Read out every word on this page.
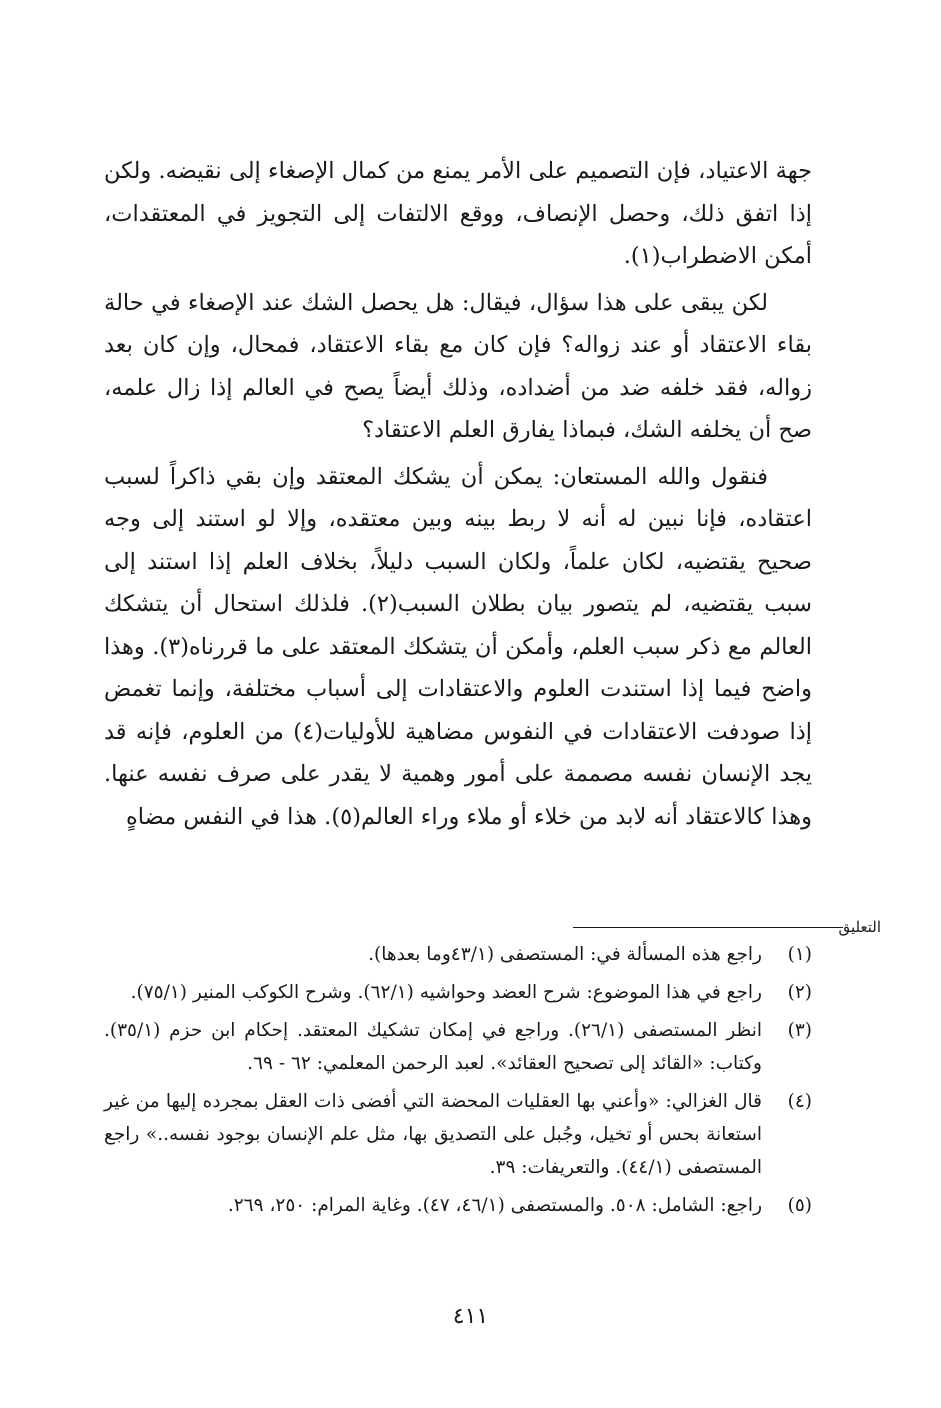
جهة الاعتياد، فإن التصميم على الأمر يمنع من كمال الإصغاء إلى نقيضه. ولكن إذا اتفق ذلك، وحصل الإنصاف، ووقع الالتفات إلى التجويز في المعتقدات، أمكن الاضطراب(١).

لكن يبقى على هذا سؤال، فيقال: هل يحصل الشك عند الإصغاء في حالة بقاء الاعتقاد أو عند زواله؟ فإن كان مع بقاء الاعتقاد، فمحال، وإن كان بعد زواله، فقد خلفه ضد من أضداده، وذلك أيضاً يصح في العالم إذا زال علمه، صح أن يخلفه الشك، فبماذا يفارق العلم الاعتقاد؟

فنقول والله المستعان: يمكن أن يشكك المعتقد وإن بقي ذاكراً لسبب اعتقاده، فإنا نبين له أنه لا ربط بينه وبين معتقده، وإلا لو استند إلى وجه صحيح يقتضيه، لكان علماً، ولكان السبب دليلاً، بخلاف العلم إذا استند إلى سبب يقتضيه، لم يتصور بيان بطلان السبب(٢). فلذلك استحال أن يتشكك العالم مع ذكر سبب العلم، وأمكن أن يتشكك المعتقد على ما قررناه(٣). وهذا واضح فيما إذا استندت العلوم والاعتقادات إلى أسباب مختلفة، وإنما تغمض إذا صودفت الاعتقادات في النفوس مضاهية للأوليات(٤) من العلوم، فإنه قد يجد الإنسان نفسه مصممة على أمور وهمية لا يقدر على صرف نفسه عنها. وهذا كالاعتقاد أنه لابد من خلاء أو ملاء وراء العالم(٥). هذا في النفس مضاهٍ

التعليق
(١)
راجع هذه المسألة في: المستصفى (٤٣/١وما بعدها).
(٢)
راجع في هذا الموضوع: شرح العضد وحواشيه (٦٢/١). وشرح الكوكب المنير (٧٥/١).
(٣)
انظر المستصفى (٢٦/١). وراجع في إمكان تشكيك المعتقد. إحكام ابن حزم (٣٥/١). وكتاب: «القائد إلى تصحيح العقائد». لعبد الرحمن المعلمي: ٦٢ - ٦٩.
(٤)
قال الغزالي: «وأعني بها العقليات المحضة التي أفضى ذات العقل بمجرده إليها من غير استعانة بحس أو تخيل، وجُبل على التصديق بها، مثل علم الإنسان بوجود نفسه..» راجع المستصفى (٤٤/١). والتعريفات: ٣٩.
(٥)
راجع: الشامل: ٥٠٨. والمستصفى (٤٦/١، ٤٧). وغاية المرام: ٢٥٠، ٢٦٩.
٤١١
